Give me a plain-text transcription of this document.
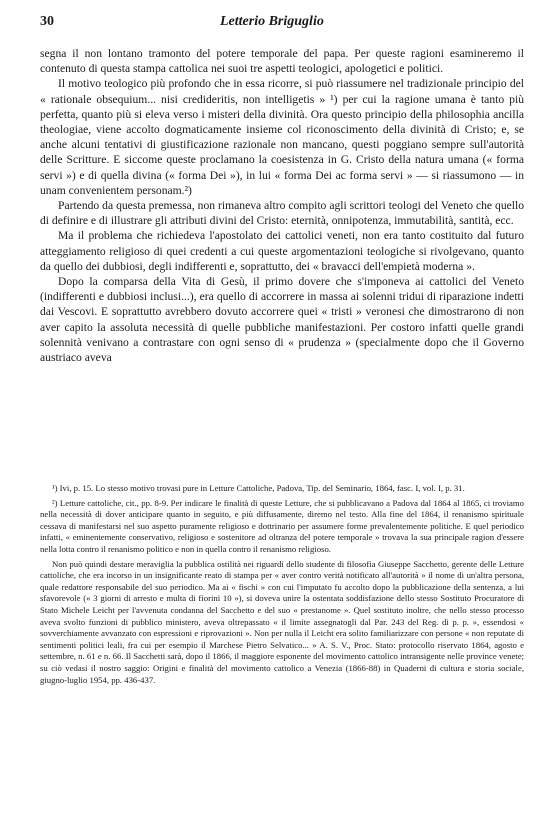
30	Letterio Briguglio

segna il non lontano tramonto del potere temporale del papa. Per queste ragioni esamineremo il contenuto di questa stampa cattolica nei suoi tre aspetti teologici, apologetici e politici.

Il motivo teologico più profondo che in essa ricorre, si può riassumere nel tradizionale principio del « rationale obsequium... nisi credideritis, non intelligetis » ¹) per cui la ragione umana è tanto più perfetta, quanto più si eleva verso i misteri della divinità. Ora questo principio della philosophia ancilla theologiae, viene accolto dogmaticamente insieme col riconoscimento della divinità di Cristo; e, se anche alcuni tentativi di giustificazione razionale non mancano, questi poggiano sempre sull'autorità delle Scritture. E siccome queste proclamano la coesistenza in G. Cristo della natura umana (« forma servi ») e di quella divina (« forma Dei »), in lui « forma Dei ac forma servi » — si riassumono — in unam convenientem personam.²)

Partendo da questa premessa, non rimaneva altro compito agli scrittori teologi del Veneto che quello di definire e di illustrare gli attributi divini del Cristo: eternità, onnipotenza, immutabilità, santità, ecc.

Ma il problema che richiedeva l'apostolato dei cattolici veneti, non era tanto costituito dal futuro atteggiamento religioso di quei credenti a cui queste argomentazioni teologiche si rivolgevano, quanto da quello dei dubbiosi, degli indifferenti e, soprattutto, dei « bravacci dell'empietà moderna ».

Dopo la comparsa della Vita di Gesù, il primo dovere che s'imponeva ai cattolici del Veneto (indifferenti e dubbiosi inclusi...), era quello di accorrere in massa ai solenni tridui di riparazione indetti dai Vescovi. E soprattutto avrebbero dovuto accorrere quei « tristi » veronesi che dimostrarono di non aver capito la assoluta necessità di quelle pubbliche manifestazioni. Per costoro infatti quelle grandi solennità venivano a contrastare con ogni senso di « prudenza » (specialmente dopo che il Governo austriaco aveva

¹) Ivi, p. 15. Lo stesso motivo trovasi pure in Letture Cattoliche, Padova, Tip. del Seminario, 1864, fasc. I, vol. I, p. 31.

²) Letture cattoliche, cit., pp. 8-9. Per indicare le finalità di queste Letture, che si pubblicavano a Padova dal 1864 al 1865, ci troviamo nella necessità di dover anticipare quanto in seguito, e più diffusamente, diremo nel testo. Alla fine del 1864, il renanismo spirituale cessava di manifestarsi nel suo aspetto puramente religioso e dottrinario per assumere forme prevalentemente politiche. E quel periodico infatti, « eminentemente conservativo, religioso e sostenitore ad oltranza del potere temporale » trovava la sua principale ragion d'essere nella lotta contro il renanismo politico e non in quella contro il renanismo religioso.

Non può quindi destare meraviglia la pubblica ostilità nei riguardi dello studente di filosofia Giuseppe Sacchetto, gerente delle Letture cattoliche, che era incorso in un insignificante reato di stampa per « aver contro verità notificato all'autorità » il nome di un'altra persona, quale redattore responsabile del suo periodico. Ma ai « fischi » con cui l'imputato fu accolto dopo la pubblicazione della sentenza, a lui sfavorevole (« 3 giorni di arresto e multa di fiorini 10 »), si doveva unire la ostentata soddisfazione dello stesso Sostituto Procuratore di Stato Michele Leicht per l'avvenuta condanna del Sacchetto e del suo « prestanome ». Quel sostituto inoltre, che nello stesso processo aveva svolto funzioni di pubblico ministero, aveva oltrepassato « il limite assegnatogli dal Par. 243 del Reg. di p. p. », essendosi « sovverchiamente avvanzato con espressioni e riprovazioni ». Non per nulla il Leicht era solito familiarizzare con persone « non reputate di sentimenti politici leali, fra cui per esempio il Marchese Pietro Selvatico... » A. S. V., Proc. Stato: protocollo riservato 1864, agosto e settembre, n. 61 e n. 66. Il Sacchetti sarà, dopo il 1866, il maggiore esponente del movimento cattolico intransigente nelle province venete; su ciò vedasi il nostro saggio: Origini e finalità del movimento cattolico a Venezia (1866-88) in Quaderni di cultura e storia sociale, giugno-luglio 1954, pp. 436-437.
